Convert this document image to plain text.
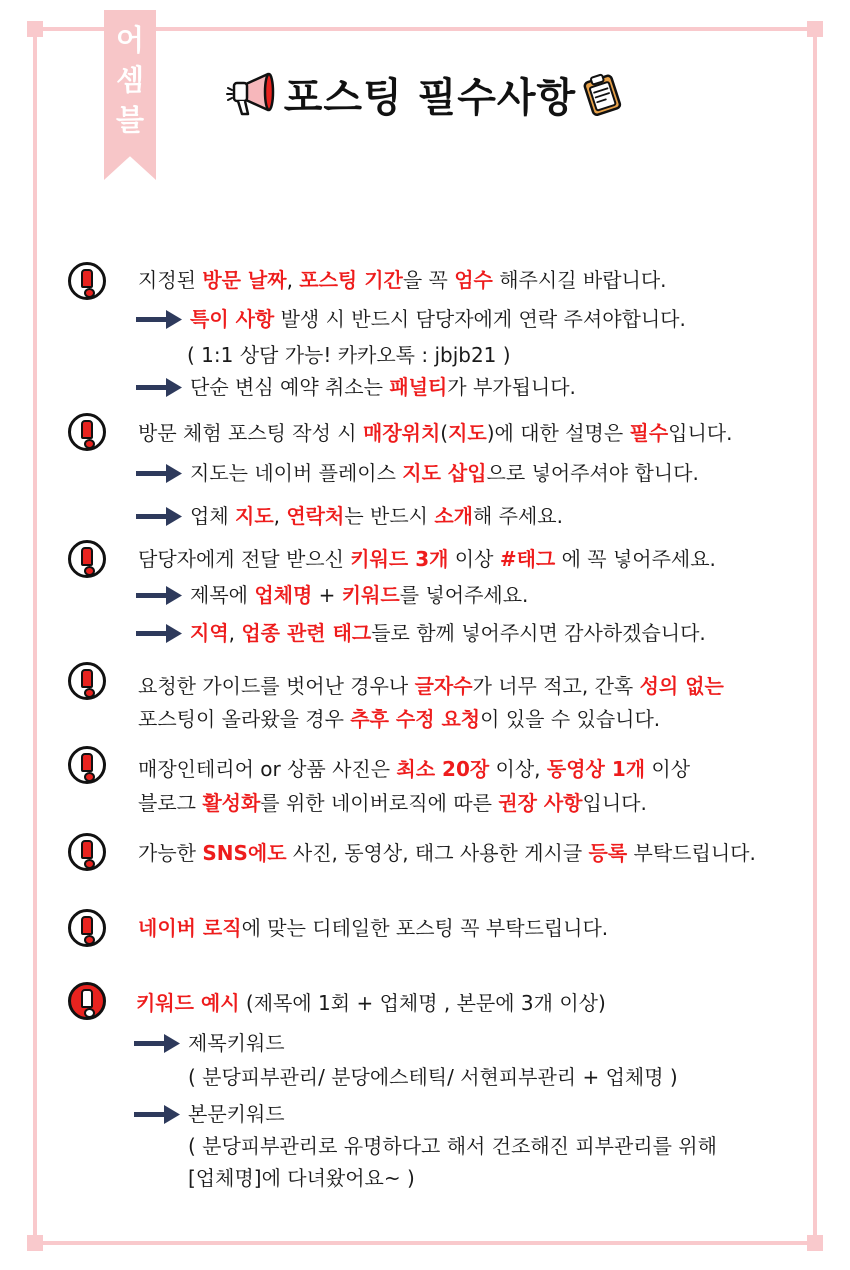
어
셈
블	포스팅 필수사항
지정된 방문 날짜, 포스팅 기간을 꼭 엄수 해주시길 바랍니다.
특이 사항 발생 시 반드시 담당자에게 연락 주셔야합니다.
( 1:1 상담 가능! 카카오톡 : jbjb21 )
단순 변심 예약 취소는 패널티가 부가됩니다.
방문 체험 포스팅 작성 시 매장위치(지도)에 대한 설명은 필수입니다.
지도는 네이버 플레이스 지도 삽입으로 넣어주셔야 합니다.
업체 지도, 연락처는 반드시 소개해 주세요.
담당자에게 전달 받으신 키워드 3개 이상 #태그 에 꼭 넣어주세요.
제목에 업체명 + 키워드를 넣어주세요.
지역, 업종 관련 태그들로 함께 넣어주시면 감사하겠습니다.
요청한 가이드를 벗어난 경우나 글자수가 너무 적고, 간혹 성의 없는
포스팅이 올라왔을 경우 추후 수정 요청이 있을 수 있습니다.
매장인테리어 or 상품 사진은 최소 20장 이상, 동영상 1개 이상
블로그 활성화를 위한 네이버로직에 따른 권장 사항입니다.
가능한 SNS에도 사진, 동영상, 태그 사용한 게시글 등록 부탁드립니다.
네이버 로직에 맞는 디테일한 포스팅 꼭 부탁드립니다.
키워드 예시 (제목에 1회 + 업체명 , 본문에 3개 이상)
제목키워드
( 분당피부관리/ 분당에스테틱/ 서현피부관리 + 업체명 )
본문키워드
( 분당피부관리로 유명하다고 해서 건조해진 피부관리를 위해
[업체명]에 다녀왔어요~ )
